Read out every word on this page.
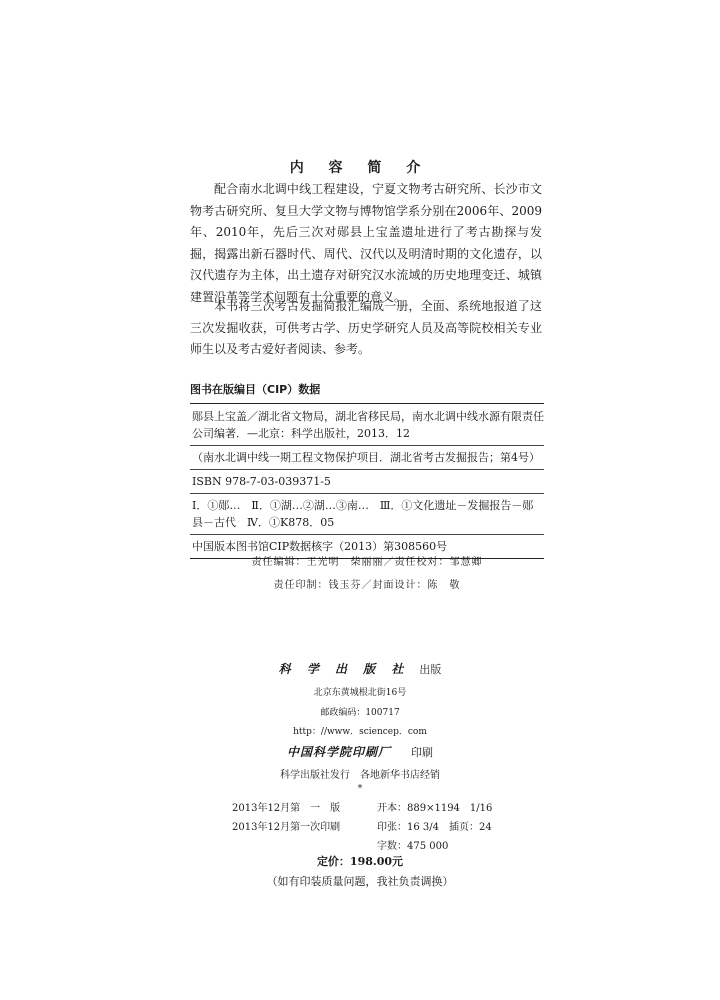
内 容 简 介

配合南水北调中线工程建设，宁夏文物考古研究所、长沙市文物考古研究所、复旦大学文物与博物馆学系分别在2006年、2009年、2010年，先后三次对郧县上宝盖遗址进行了考古勘探与发掘，揭露出新石器时代、周代、汉代以及明清时期的文化遗存，以汉代遗存为主体，出土遗存对研究汉水流域的历史地理变迁、城镇建置沿革等学术问题有十分重要的意义。

本书将三次考古发掘简报汇编成一册，全面、系统地报道了这三次发掘收获，可供考古学、历史学研究人员及高等院校相关专业师生以及考古爱好者阅读、参考。

图书在版编目（CIP）数据
郧县上宝盖／湖北省文物局，湖北省移民局，南水北调中线水源有限责任公司编著．—北京：科学出版社，2013．12
（南水北调中线一期工程文物保护项目．湖北省考古发掘报告；第4号）
ISBN 978-7-03-039371-5
Ⅰ．①郧…　Ⅱ．①湖…②湖…③南…　Ⅲ．①文化遗址－发掘报告－郧县－古代　Ⅳ．①K878．05
中国版本图书馆CIP数据核字（2013）第308560号
责任编辑：王光明　柴丽丽／责任校对：邹慧卿
责任印制：钱玉芬／封面设计：陈　敬
科 学 出 版 社 出版
北京东黄城根北街16号
邮政编码：100717
http：//www．sciencep．com
中国科学院印刷厂 印刷
科学出版社发行　各地新华书店经销
*
2013年12月第　一　版	开本：889×1194　1/16
2013年12月第一次印刷	印张：16 3/4　插页：24
字数：475 000
定价：198.00元
（如有印装质量问题，我社负责调换）
